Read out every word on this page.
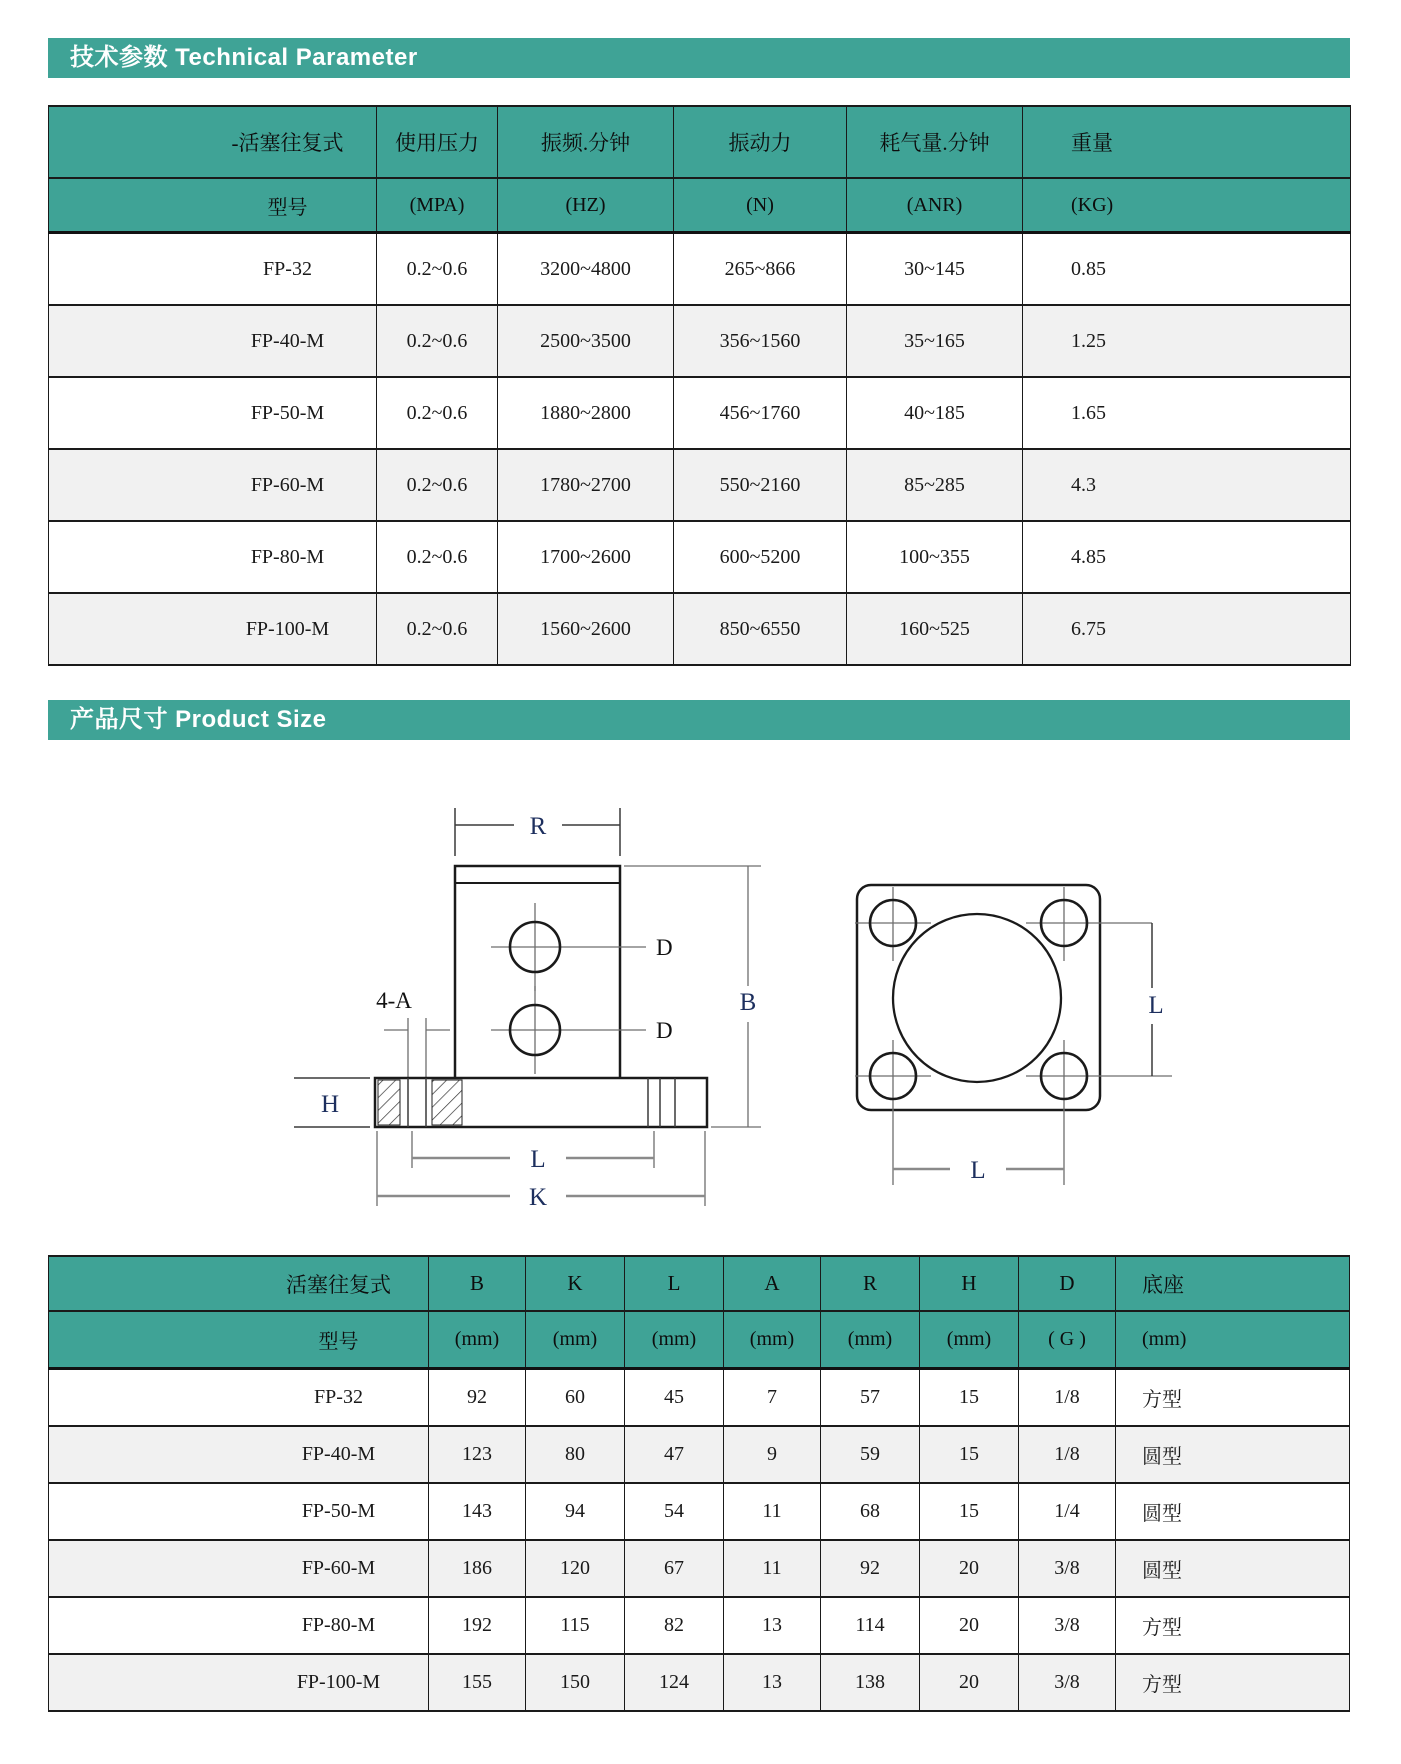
技术参数 Technical Parameter
-活塞往复式	使用压力	振频.分钟	振动力	耗气量.分钟	重量
型号	(MPA)	(HZ)	(N)	(ANR)	(KG)
FP-32	0.2~0.6	3200~4800	265~866	30~145	0.85
FP-40-M	0.2~0.6	2500~3500	356~1560	35~165	1.25
FP-50-M	0.2~0.6	1880~2800	456~1760	40~185	1.65
FP-60-M	0.2~0.6	1780~2700	550~2160	85~285	4.3
FP-80-M	0.2~0.6	1700~2600	600~5200	100~355	4.85
FP-100-M	0.2~0.6	1560~2600	850~6550	160~525	6.75
产品尺寸 Product Size
R
D
D
4-A
H
B
L
K
L
L
活塞往复式	B	K	L	A	R	H	D	底座
型号	(mm)	(mm)	(mm)	(mm)	(mm)	(mm)	( G )	(mm)
FP-32	92	60	45	7	57	15	1/8	方型
FP-40-M	123	80	47	9	59	15	1/8	圆型
FP-50-M	143	94	54	11	68	15	1/4	圆型
FP-60-M	186	120	67	11	92	20	3/8	圆型
FP-80-M	192	115	82	13	114	20	3/8	方型
FP-100-M	155	150	124	13	138	20	3/8	方型
